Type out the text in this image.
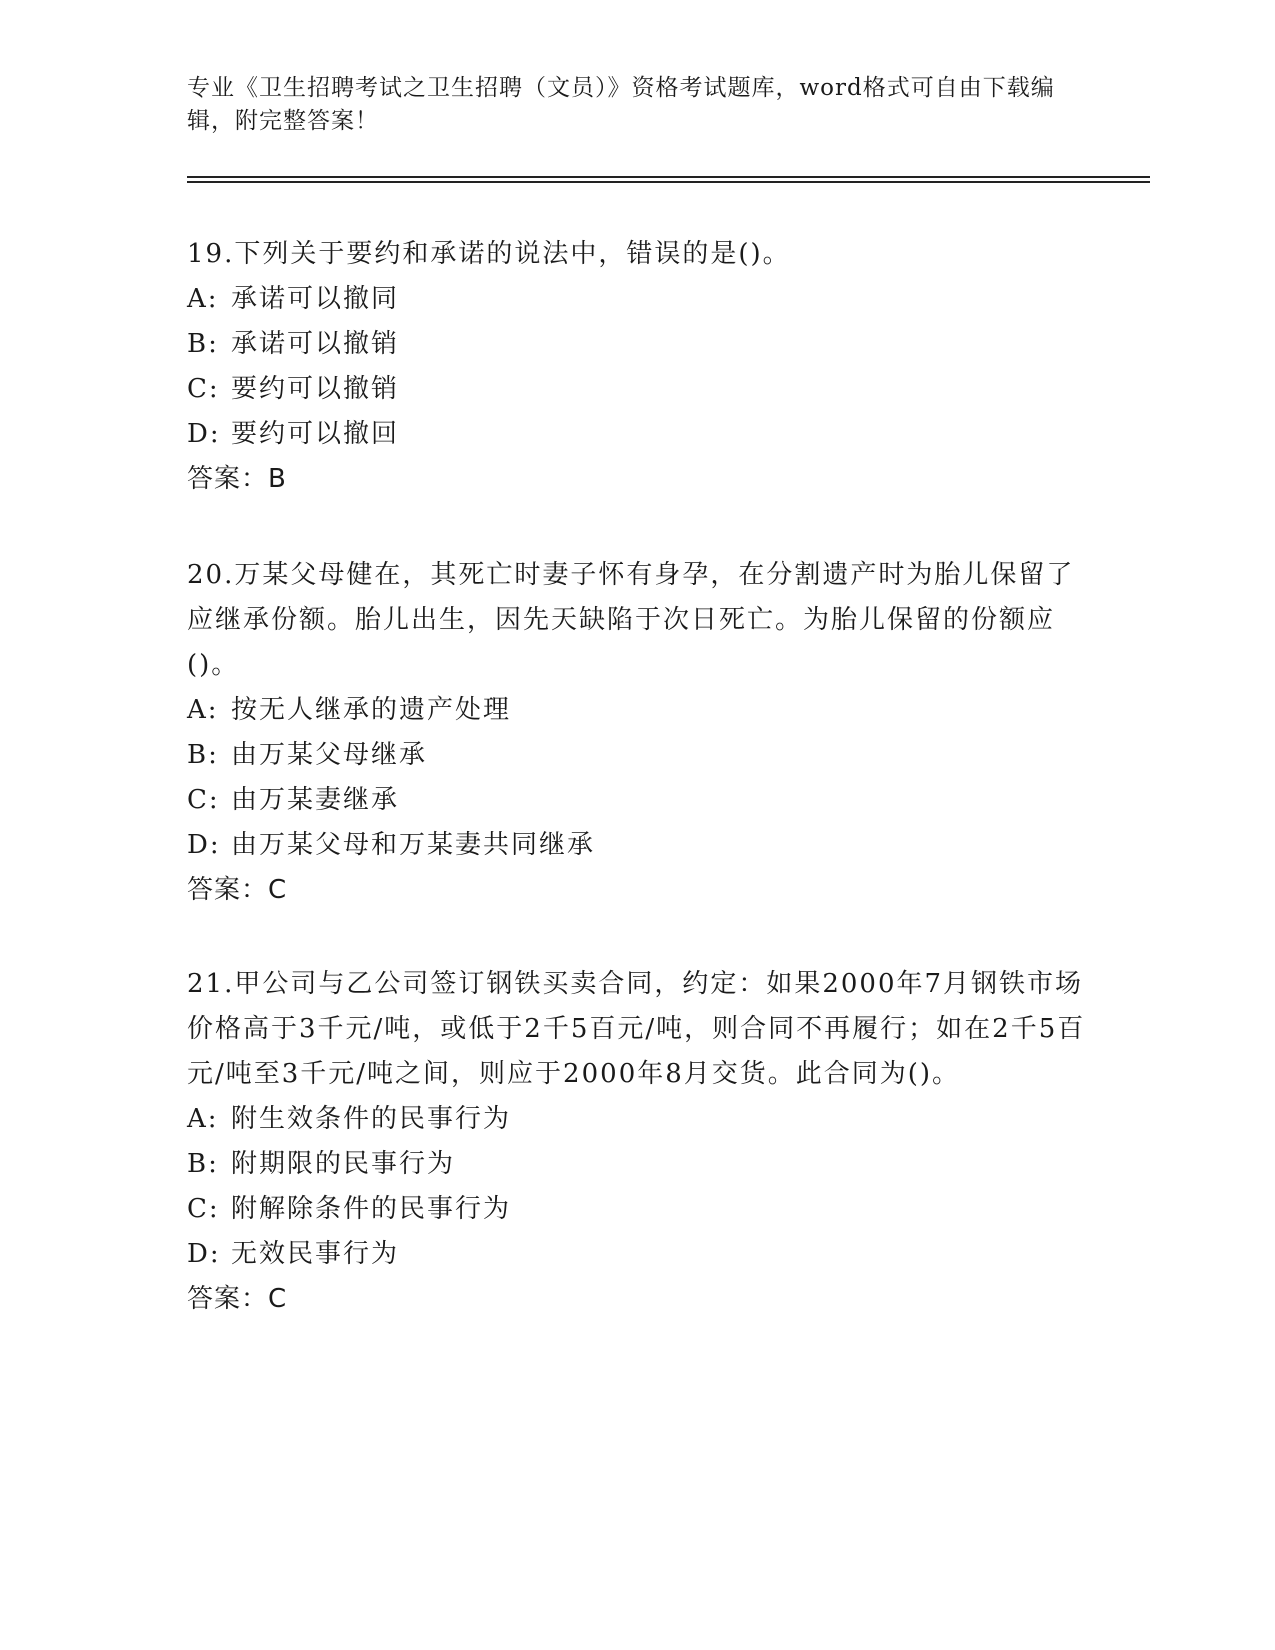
专业《卫生招聘考试之卫生招聘（文员）》资格考试题库，word格式可自由下载编辑，附完整答案！

19.下列关于要约和承诺的说法中，错误的是()。

A: 承诺可以撤同

B: 承诺可以撤销

C: 要约可以撤销

D: 要约可以撤回

答案：B

20.万某父母健在，其死亡时妻子怀有身孕，在分割遗产时为胎儿保留了应继承份额。胎儿出生，因先天缺陷于次日死亡。为胎儿保留的份额应()。

A: 按无人继承的遗产处理

B: 由万某父母继承

C: 由万某妻继承

D: 由万某父母和万某妻共同继承

答案：C

21.甲公司与乙公司签订钢铁买卖合同，约定：如果2000年7月钢铁市场价格高于3千元/吨，或低于2千5百元/吨，则合同不再履行；如在2千5百元/吨至3千元/吨之间，则应于2000年8月交货。此合同为()。

A: 附生效条件的民事行为

B: 附期限的民事行为

C: 附解除条件的民事行为

D: 无效民事行为

答案：C
